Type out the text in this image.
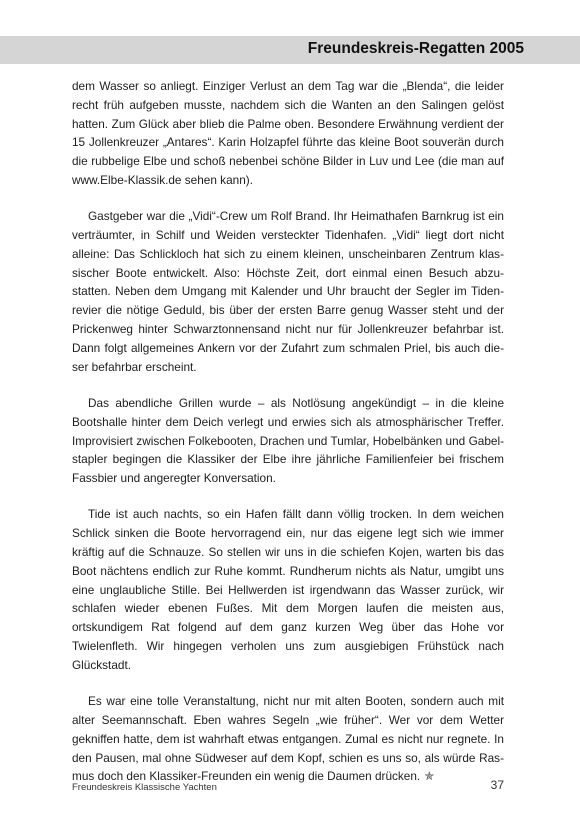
Freundeskreis-Regatten 2005

dem Wasser so anliegt. Einziger Verlust an dem Tag war die „Blenda“, die leider recht früh aufgeben musste, nachdem sich die Wanten an den Salingen gelöst hatten. Zum Glück aber blieb die Palme oben. Besondere Erwähnung verdient der 15 Jollenkreuzer „Antares“. Karin Holzapfel führte das kleine Boot souverän durch die rubbelige Elbe und schoß nebenbei schöne Bilder in Luv und Lee (die man auf www.Elbe-Klassik.de sehen kann).

Gastgeber war die „Vidi“-Crew um Rolf Brand. Ihr Heimathafen Barnkrug ist ein verträumter, in Schilf und Weiden versteckter Tidenhafen. „Vidi“ liegt dort nicht alleine: Das Schlickloch hat sich zu einem kleinen, unscheinbaren Zentrum klassischer Boote entwickelt. Also: Höchste Zeit, dort einmal einen Besuch abzustatten. Neben dem Umgang mit Kalender und Uhr braucht der Segler im Tidenrevier die nötige Geduld, bis über der ersten Barre genug Wasser steht und der Prickenweg hinter Schwarztonnensand nicht nur für Jollenkreuzer befahrbar ist. Dann folgt allgemeines Ankern vor der Zufahrt zum schmalen Priel, bis auch dieser befahrbar erscheint.

Das abendliche Grillen wurde – als Notlösung angekündigt – in die kleine Bootshalle hinter dem Deich verlegt und erwies sich als atmosphärischer Treffer. Improvisiert zwischen Folkebooten, Drachen und Tumlar, Hobelbänken und Gabelstapler begingen die Klassiker der Elbe ihre jährliche Familienfeier bei frischem Fassbier und angeregter Konversation.

Tide ist auch nachts, so ein Hafen fällt dann völlig trocken. In dem weichen Schlick sinken die Boote hervorragend ein, nur das eigene legt sich wie immer kräftig auf die Schnauze. So stellen wir uns in die schiefen Kojen, warten bis das Boot nächtens endlich zur Ruhe kommt. Rundherum nichts als Natur, umgibt uns eine unglaubliche Stille. Bei Hellwerden ist irgendwann das Wasser zurück, wir schlafen wieder ebenen Fußes. Mit dem Morgen laufen die meisten aus, ortskundigem Rat folgend auf dem ganz kurzen Weg über das Hohe vor Twielenfleth. Wir hingegen verholen uns zum ausgiebigen Frühstück nach Glückstadt.

Es war eine tolle Veranstaltung, nicht nur mit alten Booten, sondern auch mit alter Seemannschaft. Eben wahres Segeln „wie früher“. Wer vor dem Wetter gekniffen hatte, dem ist wahrhaft etwas entgangen. Zumal es nicht nur regnete. In den Pausen, mal ohne Südweser auf dem Kopf, schien es uns so, als würde Rasmus doch den Klassiker-Freunden ein wenig die Daumen drücken. ✯

Freundeskreis Klassische Yachten	37
